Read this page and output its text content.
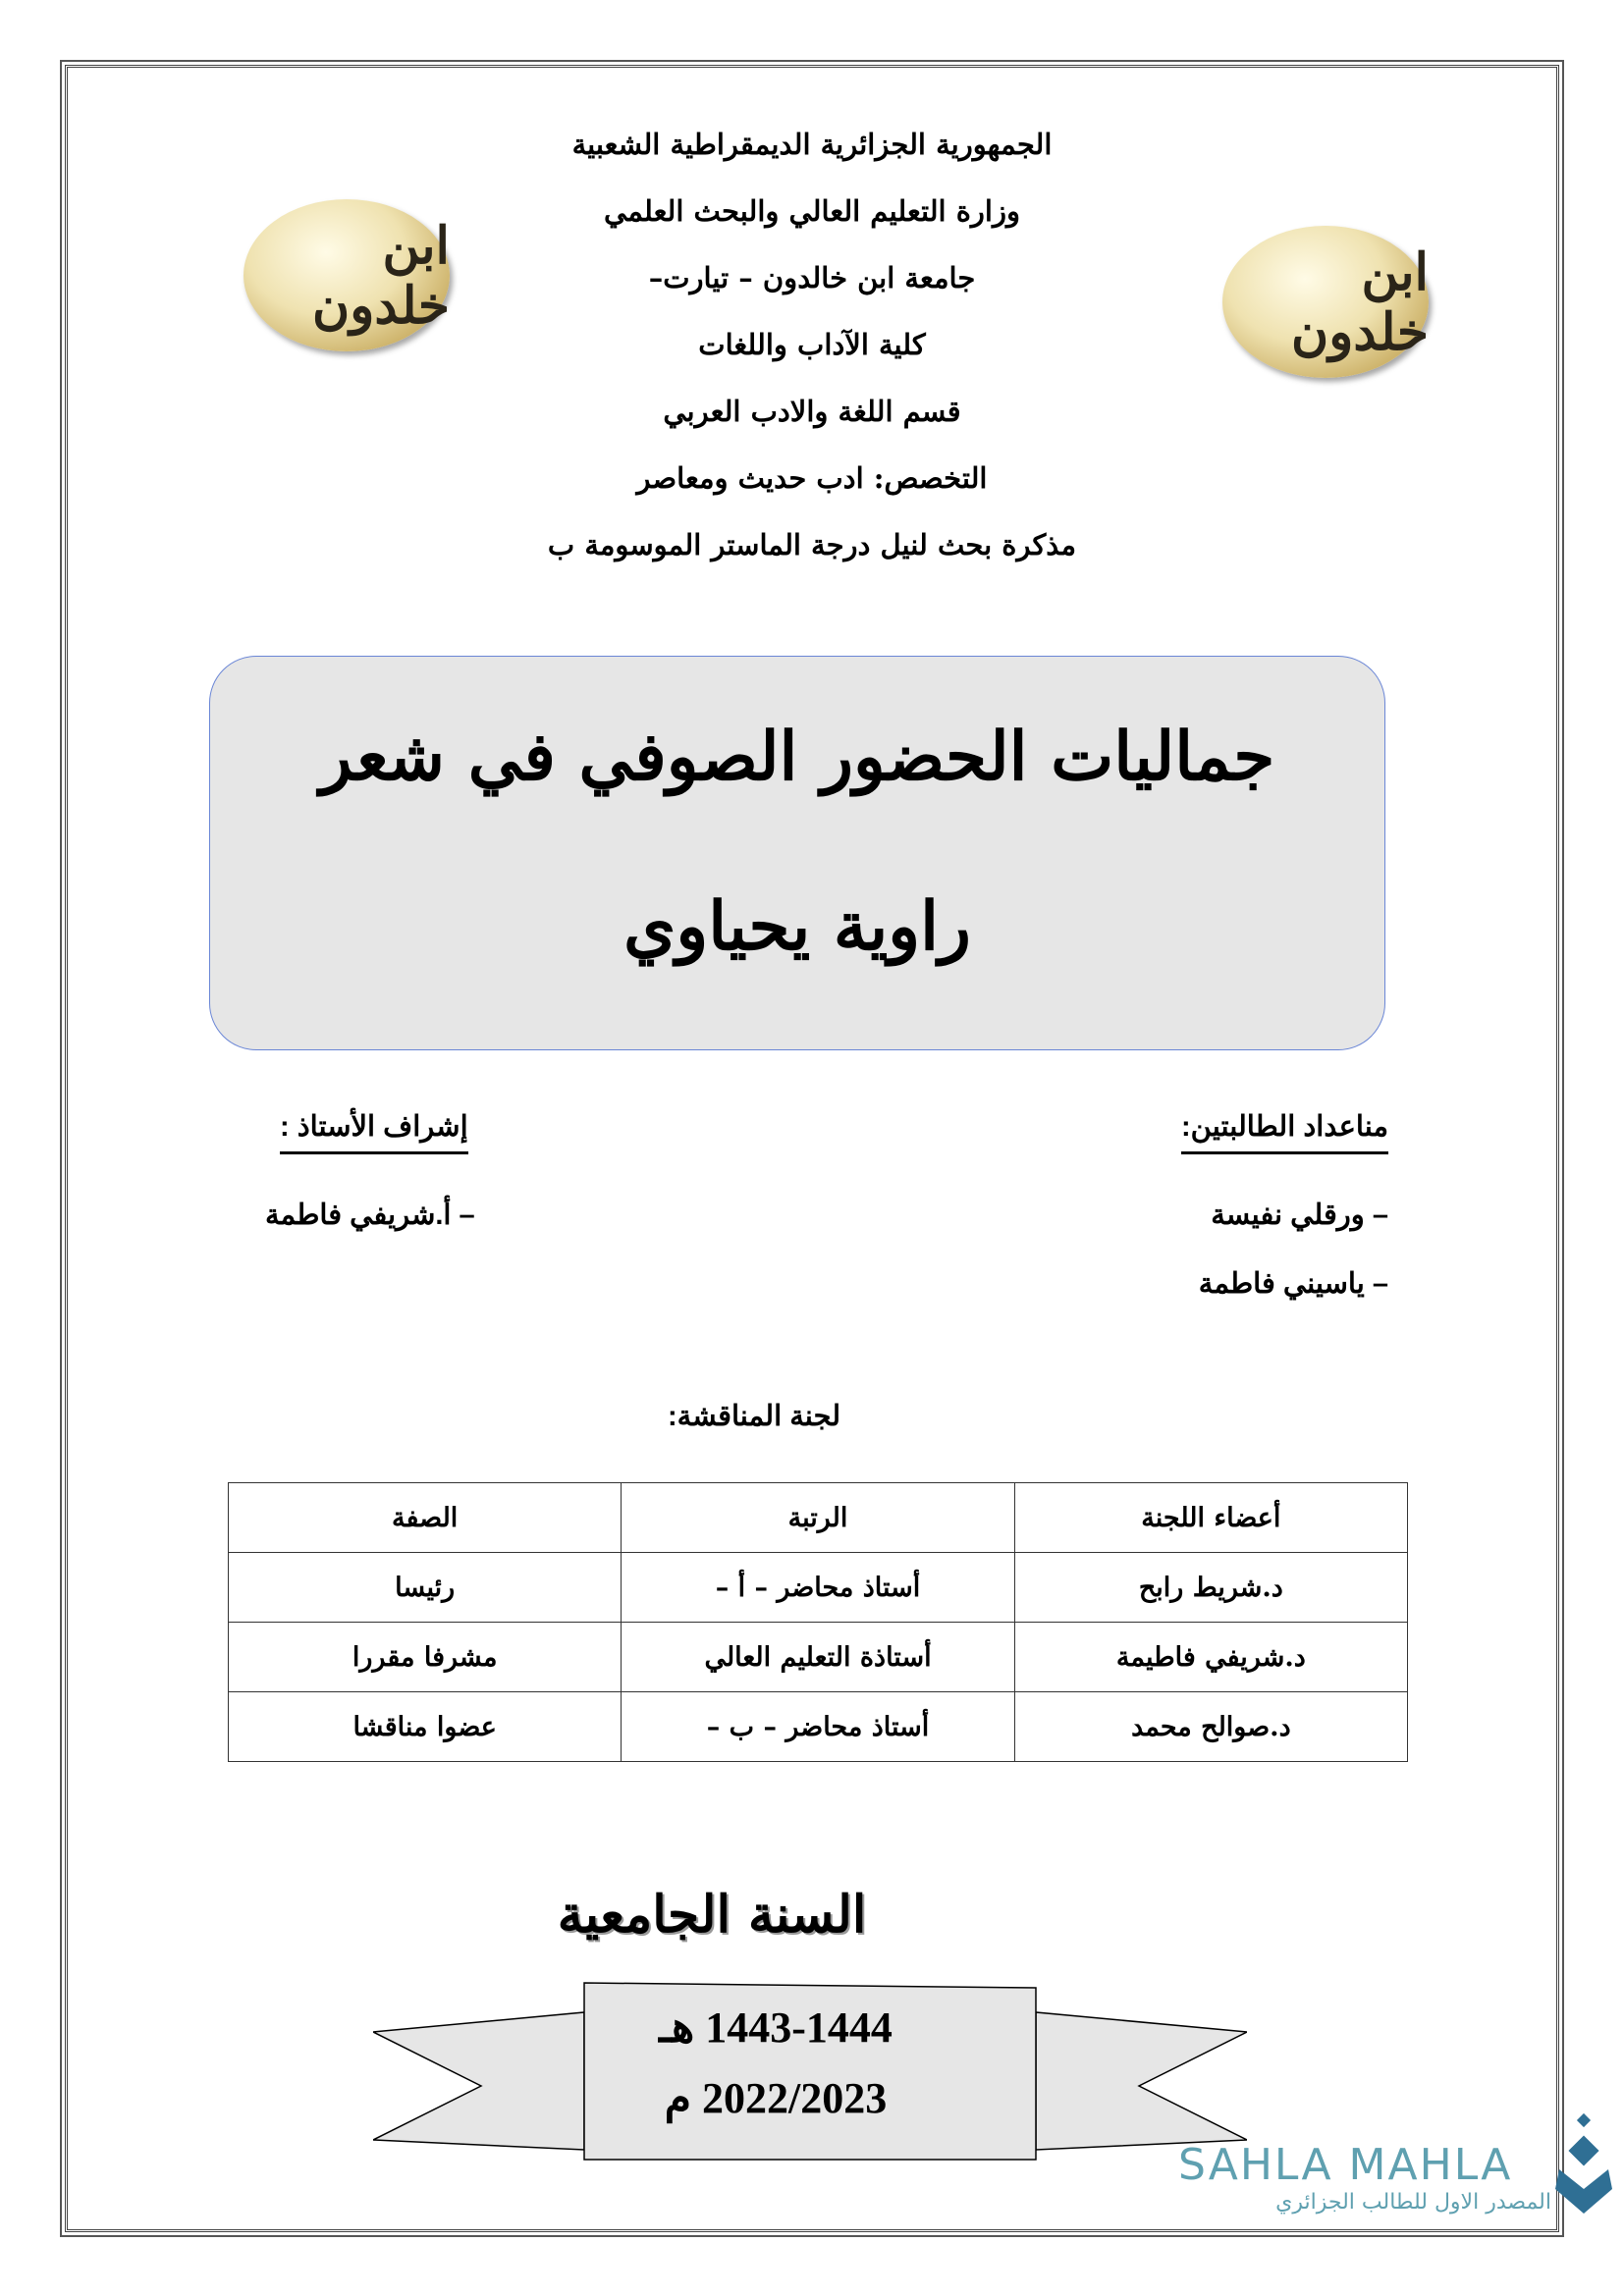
ابن خلدون
ابن خلدون
الجمهورية الجزائرية الديمقراطية الشعبية
وزارة التعليم العالي والبحث العلمي
جامعة ابن خالدون – تيارت–
كلية الآداب واللغات
قسم اللغة والادب العربي
التخصص: ادب حديث ومعاصر
مذكرة بحث لنيل درجة الماستر الموسومة ب
جماليات الحضور الصوفي في شعر
راوية يحياوي
مناعداد الطالبتين:
– ورقلي نفيسة
– ياسيني فاطمة
إشراف الأستاذ :
– أ.شريفي فاطمة
لجنة المناقشة:
أعضاء اللجنة	الرتبة	الصفة
د.شريط رابح	أستاذ محاضر – أ –	رئيسا
د.شريفي فاطيمة	أستاذة التعليم العالي	مشرفا مقررا
د.صوالح محمد	أستاذ محاضر – ب –	عضوا مناقشا
السنة الجامعية
1443-1444 هـ
2022/2023 م
SAHLA MAHLA
المصدر الاول للطالب الجزائري
